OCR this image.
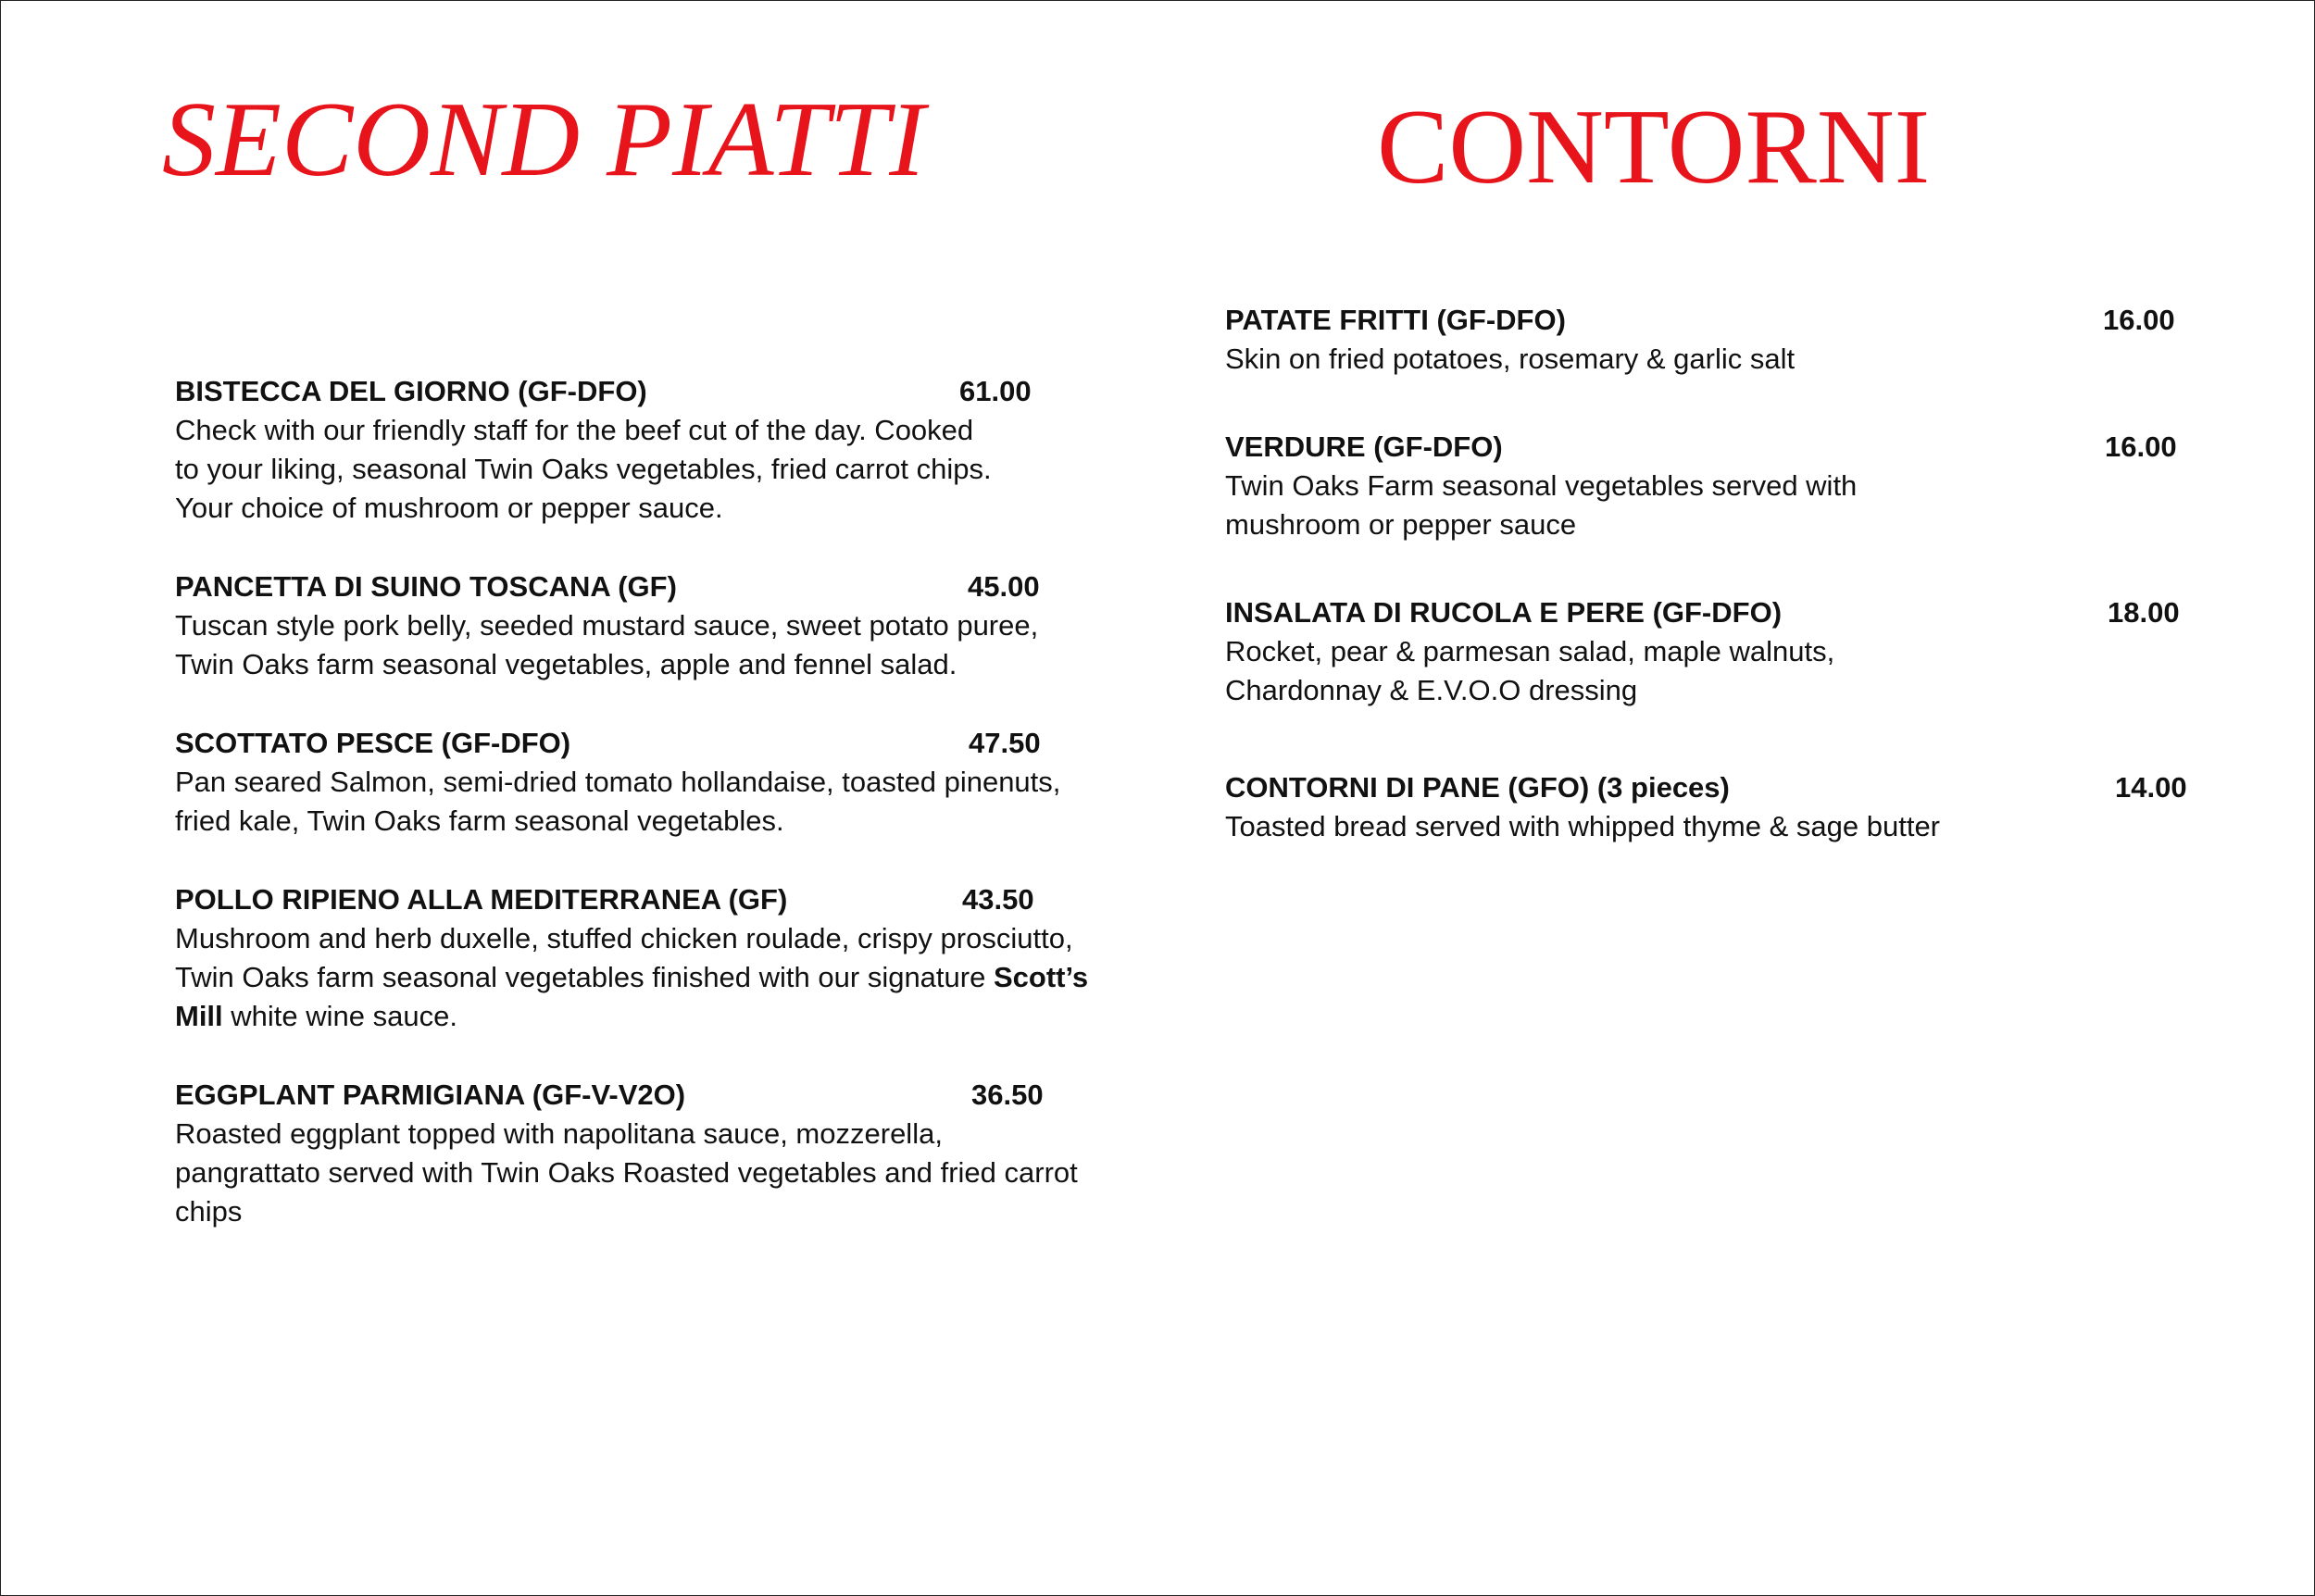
SECOND PIATTI	CONTORNI
BISTECCA DEL GIORNO (GF-DFO)	61.00
Check with our friendly staff for the beef cut of the day. Cooked
to your liking, seasonal Twin Oaks vegetables, fried carrot chips.
Your choice of mushroom or pepper sauce.
PANCETTA DI SUINO TOSCANA (GF)	45.00
Tuscan style pork belly, seeded mustard sauce, sweet potato puree,
Twin Oaks farm seasonal vegetables, apple and fennel salad.
SCOTTATO PESCE (GF-DFO)	47.50
Pan seared Salmon, semi-dried tomato hollandaise, toasted pinenuts,
fried kale, Twin Oaks farm seasonal vegetables.
POLLO RIPIENO ALLA MEDITERRANEA (GF)	43.50
Mushroom and herb duxelle, stuffed chicken roulade, crispy prosciutto,
Twin Oaks farm seasonal vegetables finished with our signature Scott’s
Mill white wine sauce.
EGGPLANT PARMIGIANA (GF-V-V2O)	36.50
Roasted eggplant topped with napolitana sauce, mozzerella,
pangrattato served with Twin Oaks Roasted vegetables and fried carrot
chips
PATATE FRITTI (GF-DFO)	16.00
Skin on fried potatoes, rosemary & garlic salt
VERDURE (GF-DFO)	16.00
Twin Oaks Farm seasonal vegetables served with
mushroom or pepper sauce
INSALATA DI RUCOLA E PERE (GF-DFO)	18.00
Rocket, pear & parmesan salad, maple walnuts,
Chardonnay & E.V.O.O dressing
CONTORNI DI PANE (GFO) (3 pieces)	14.00
Toasted bread served with whipped thyme & sage butter
